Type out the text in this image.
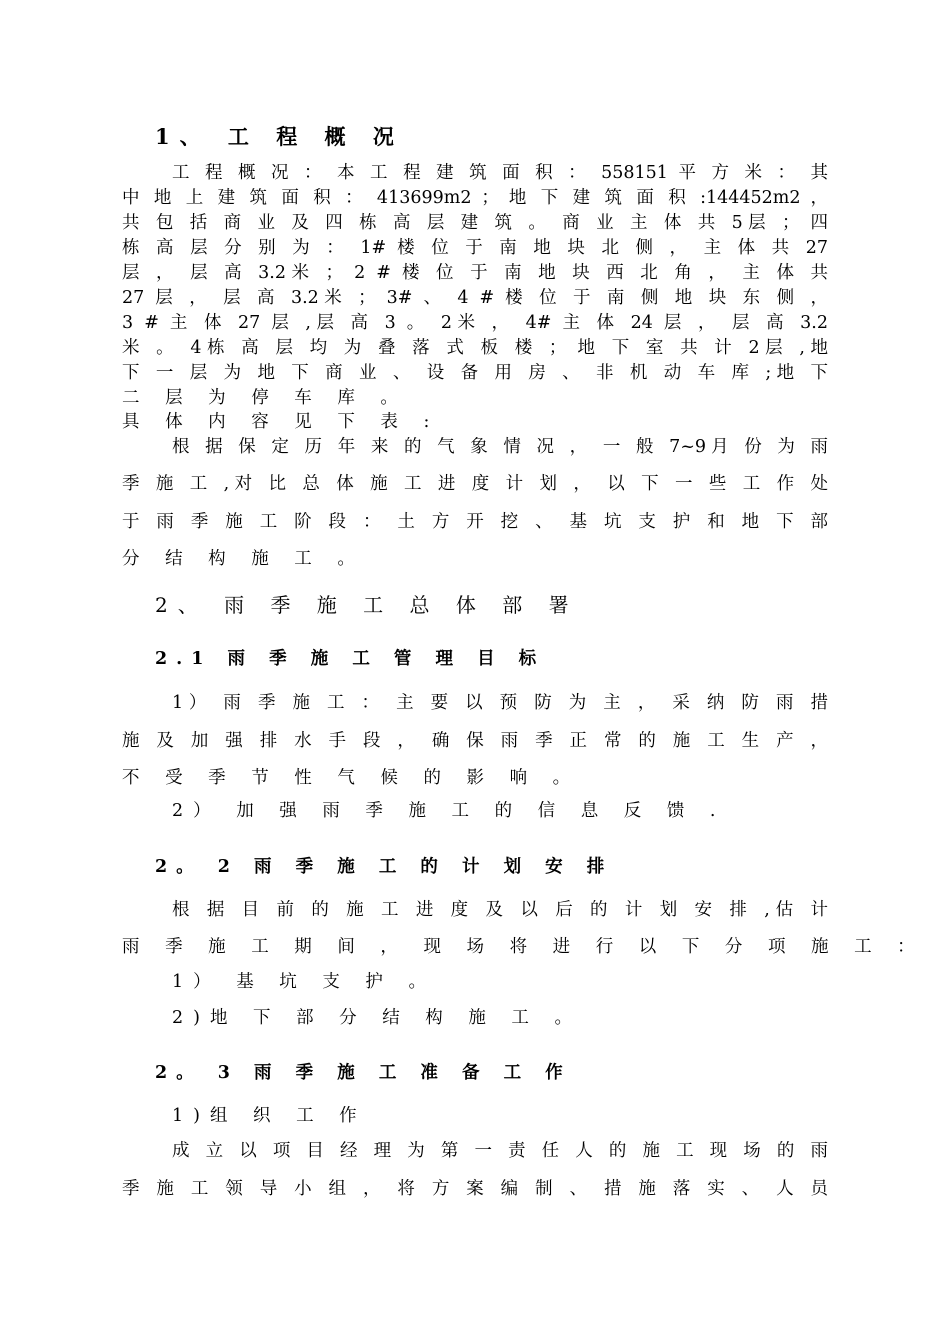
1、 工 程 概 况
工 程 概 况 ： 本 工 程 建 筑 面 积 ： 558151 平 方 米 ： 其
中 地 上 建 筑 面 积 ： 413699m2 ； 地 下 建 筑 面 积 :144452m2 ，
共 包 括 商 业 及 四 栋 高 层 建 筑 。 商 业 主 体 共 5层 ； 四
栋 高 层 分 别 为 ： 1# 楼 位 于 南 地 块 北 侧 ， 主 体 共 27
层 ， 层 高 3.2米 ； 2 # 楼 位 于 南 地 块 西 北 角 ， 主 体 共
27 层 ， 层 高 3.2米 ； 3# 、 4 # 楼 位 于 南 侧 地 块 东 侧 ，
3 # 主 体 27 层 ,层 高 3 。 2米 ， 4# 主 体 24 层 ， 层 高 3.2
米 。 4栋 高 层 均 为 叠 落 式 板 楼 ； 地 下 室 共 计 2层 ,地
下 一 层 为 地 下 商 业 、 设 备 用 房 、 非 机 动 车 库 ;地 下
二 层 为 停 车 库 。
具 体 内 容 见 下 表 :
根 据 保 定 历 年 来 的 气 象 情 况 ， 一 般 7~9月 份 为 雨
季 施 工 ,对 比 总 体 施 工 进 度 计 划 ， 以 下 一 些 工 作 处
于 雨 季 施 工 阶 段 ： 土 方 开 挖 、 基 坑 支 护 和 地 下 部
分 结 构 施 工 。
2、 雨 季 施 工 总 体 部 署
2.1 雨 季 施 工 管 理 目 标
1） 雨 季 施 工 ： 主 要 以 预 防 为 主 ， 采 纳 防 雨 措
施 及 加 强 排 水 手 段 ， 确 保 雨 季 正 常 的 施 工 生 产 ，
不 受 季 节 性 气 候 的 影 响 。
2） 加 强 雨 季 施 工 的 信 息 反 馈 .
2。 2 雨 季 施 工 的 计 划 安 排
根 据 目 前 的 施 工 进 度 及 以 后 的 计 划 安 排 ,估 计
雨 季 施 工 期 间 ， 现 场 将 进 行 以 下 分 项 施 工 ：
1） 基 坑 支 护 。
2)地 下 部 分 结 构 施 工 。
2。 3 雨 季 施 工 准 备 工 作
1)组 织 工 作
成 立 以 项 目 经 理 为 第 一 责 任 人 的 施 工 现 场 的 雨
季 施 工 领 导 小 组 ， 将 方 案 编 制 、 措 施 落 实 、 人 员
